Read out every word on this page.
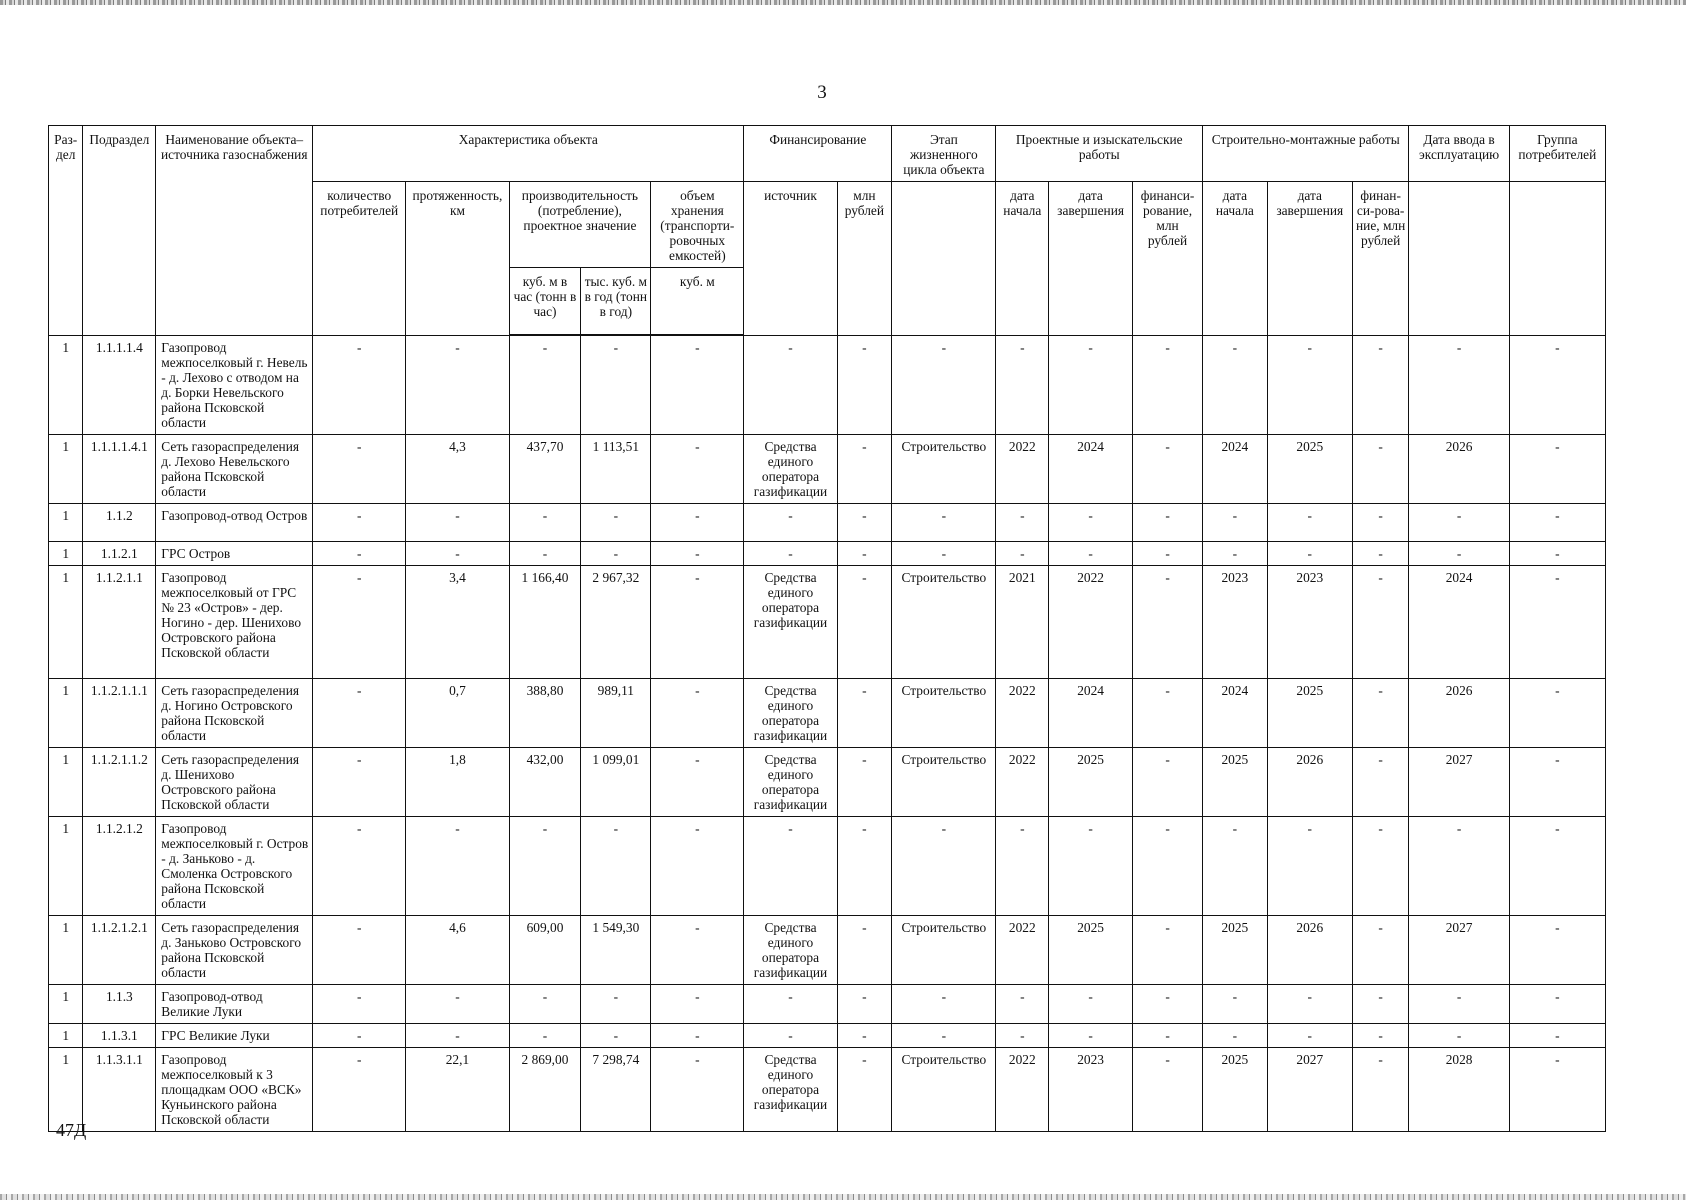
3
Раз-дел	Подраздел	Наименование объекта–источника газоснабжения	Характеристика объекта					Финансирование		Этап жизненного цикла объекта	Проектные и изыскательские работы			Строительно-монтажные работы			Дата ввода в эксплуатацию	Группа потребителей
			количество потребителей	протяженность, км	производительность (потребление), проектное значение		объем хранения (транспорти-ровочных емкостей)	источник	млн рублей		дата начала	дата завершения	финанси-рование, млн рублей	дата начала	дата завершения	финан-си-рова-ние, млн рублей		
					куб. м в час (тонн в час)	тыс. куб. м в год (тонн в год)	куб. м											
1	1.1.1.1.4	Газопровод межпоселковый г. Невель - д. Лехово с отводом на д. Борки Невельского района Псковской области	-	-	-	-	-	-	-	-	-	-	-	-	-	-	-	-
1	1.1.1.1.4.1	Сеть газораспределения д. Лехово Невельского района Псковской области	-	4,3	437,70	1 113,51	-	Средства единого оператора газификации	-	Строительство	2022	2024	-	2024	2025	-	2026	-
1	1.1.2	Газопровод-отвод Остров	-	-	-	-	-	-	-	-	-	-	-	-	-	-	-	-
1	1.1.2.1	ГРС Остров	-	-	-	-	-	-	-	-	-	-	-	-	-	-	-	-
1	1.1.2.1.1	Газопровод межпоселковый от ГРС № 23 «Остров» - дер. Ногино - дер. Шенихово Островского района Псковской области	-	3,4	1 166,40	2 967,32	-	Средства единого оператора газификации	-	Строительство	2021	2022	-	2023	2023	-	2024	-
1	1.1.2.1.1.1	Сеть газораспределения д. Ногино Островского района Псковской области	-	0,7	388,80	989,11	-	Средства единого оператора газификации	-	Строительство	2022	2024	-	2024	2025	-	2026	-
1	1.1.2.1.1.2	Сеть газораспределения д. Шенихово Островского района Псковской области	-	1,8	432,00	1 099,01	-	Средства единого оператора газификации	-	Строительство	2022	2025	-	2025	2026	-	2027	-
1	1.1.2.1.2	Газопровод межпоселковый г. Остров - д. Заньково - д. Смоленка Островского района Псковской области	-	-	-	-	-	-	-	-	-	-	-	-	-	-	-	-
1	1.1.2.1.2.1	Сеть газораспределения д. Заньково Островского района Псковской области	-	4,6	609,00	1 549,30	-	Средства единого оператора газификации	-	Строительство	2022	2025	-	2025	2026	-	2027	-
1	1.1.3	Газопровод-отвод Великие Луки	-	-	-	-	-	-	-	-	-	-	-	-	-	-	-	-
1	1.1.3.1	ГРС Великие Луки	-	-	-	-	-	-	-	-	-	-	-	-	-	-	-	-
1	1.1.3.1.1	Газопровод межпоселковый к 3 площадкам ООО «ВСК» Куньинского района Псковской области	-	22,1	2 869,00	7 298,74	-	Средства единого оператора газификации	-	Строительство	2022	2023	-	2025	2027	-	2028	-
47Д
